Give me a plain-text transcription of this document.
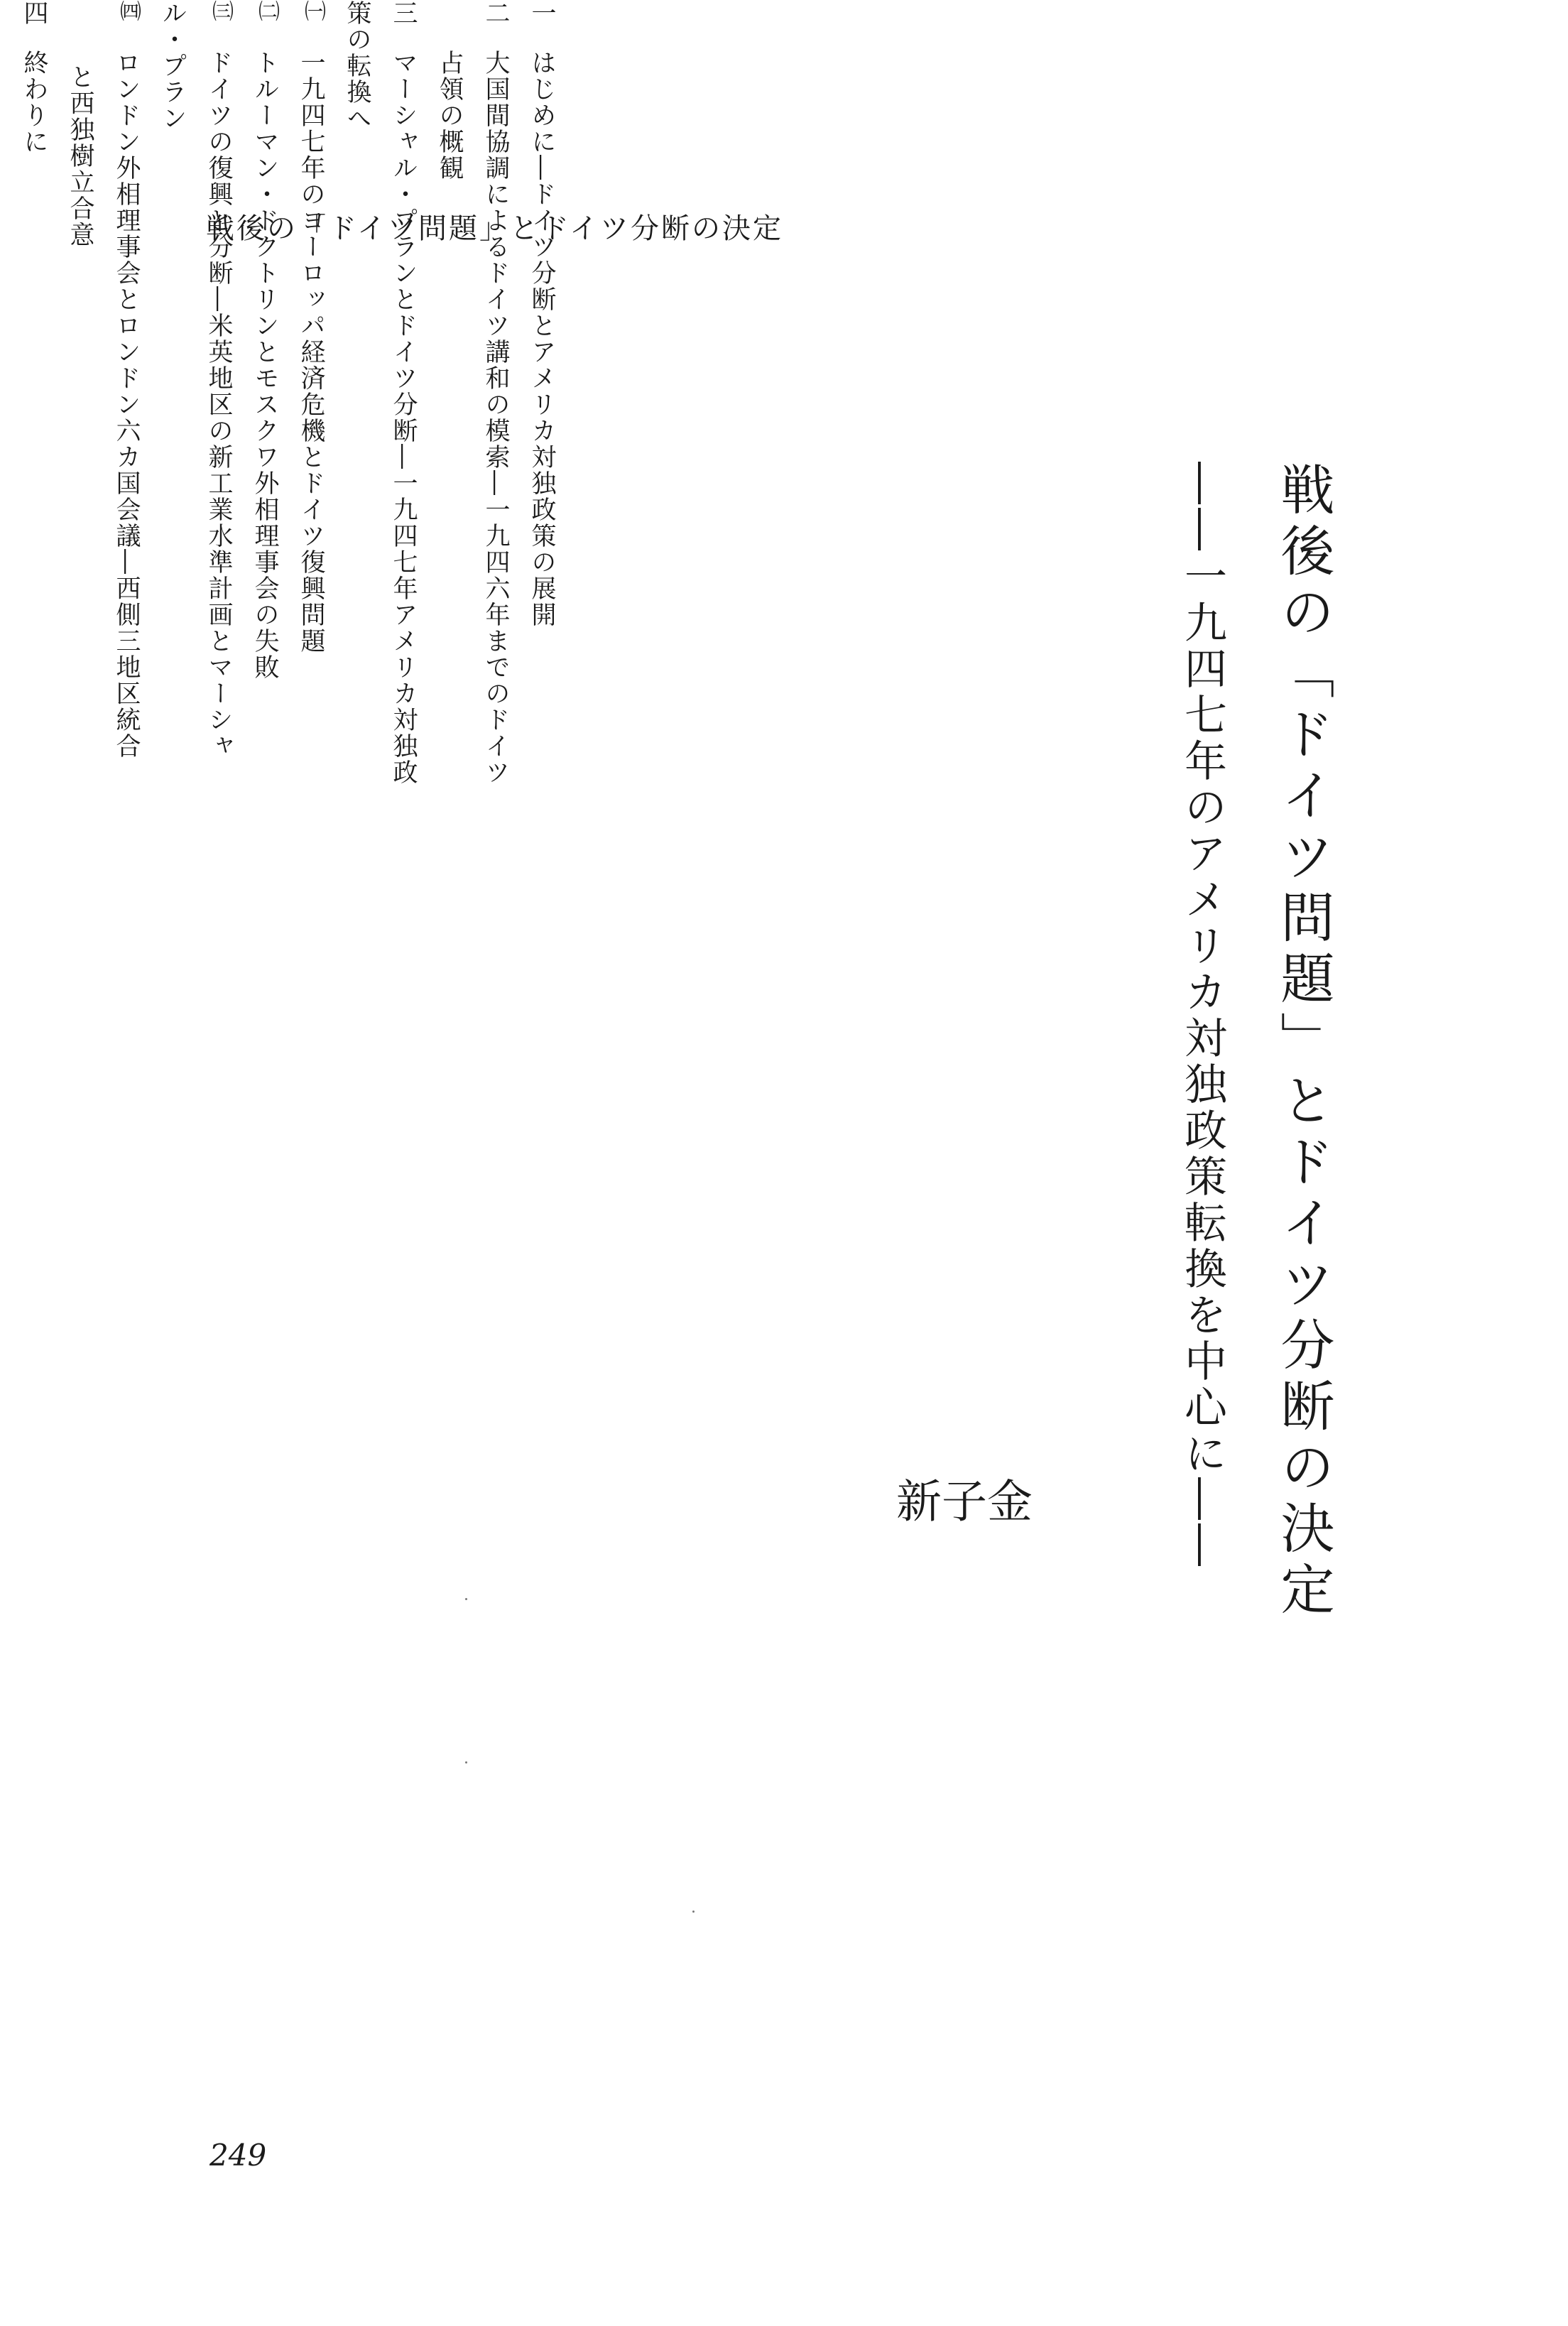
戦後の「ドイツ問題」とドイツ分断の決定
戦後の「ドイツ問題」とドイツ分断の決定
――一九四七年のアメリカ対独政策転換を中心に――
金
子
新
一
はじめに―ドイツ分断とアメリカ対独政策の展開
二
大国間協調によるドイツ講和の模索―一九四六年までのドイツ
占領の概観
三
マーシャル・プランとドイツ分断―一九四七年アメリカ対独政
策の転換へ
㈠
一九四七年のヨーロッパ経済危機とドイツ復興問題
㈡
トルーマン・ドクトリンとモスクワ外相理事会の失敗
㈢
ドイツの復興と分断―米英地区の新工業水準計画とマーシャ
ル・プラン
㈣
ロンドン外相理事会とロンドン六カ国会議―西側三地区統合
と西独樹立合意
四
終わりに
249
